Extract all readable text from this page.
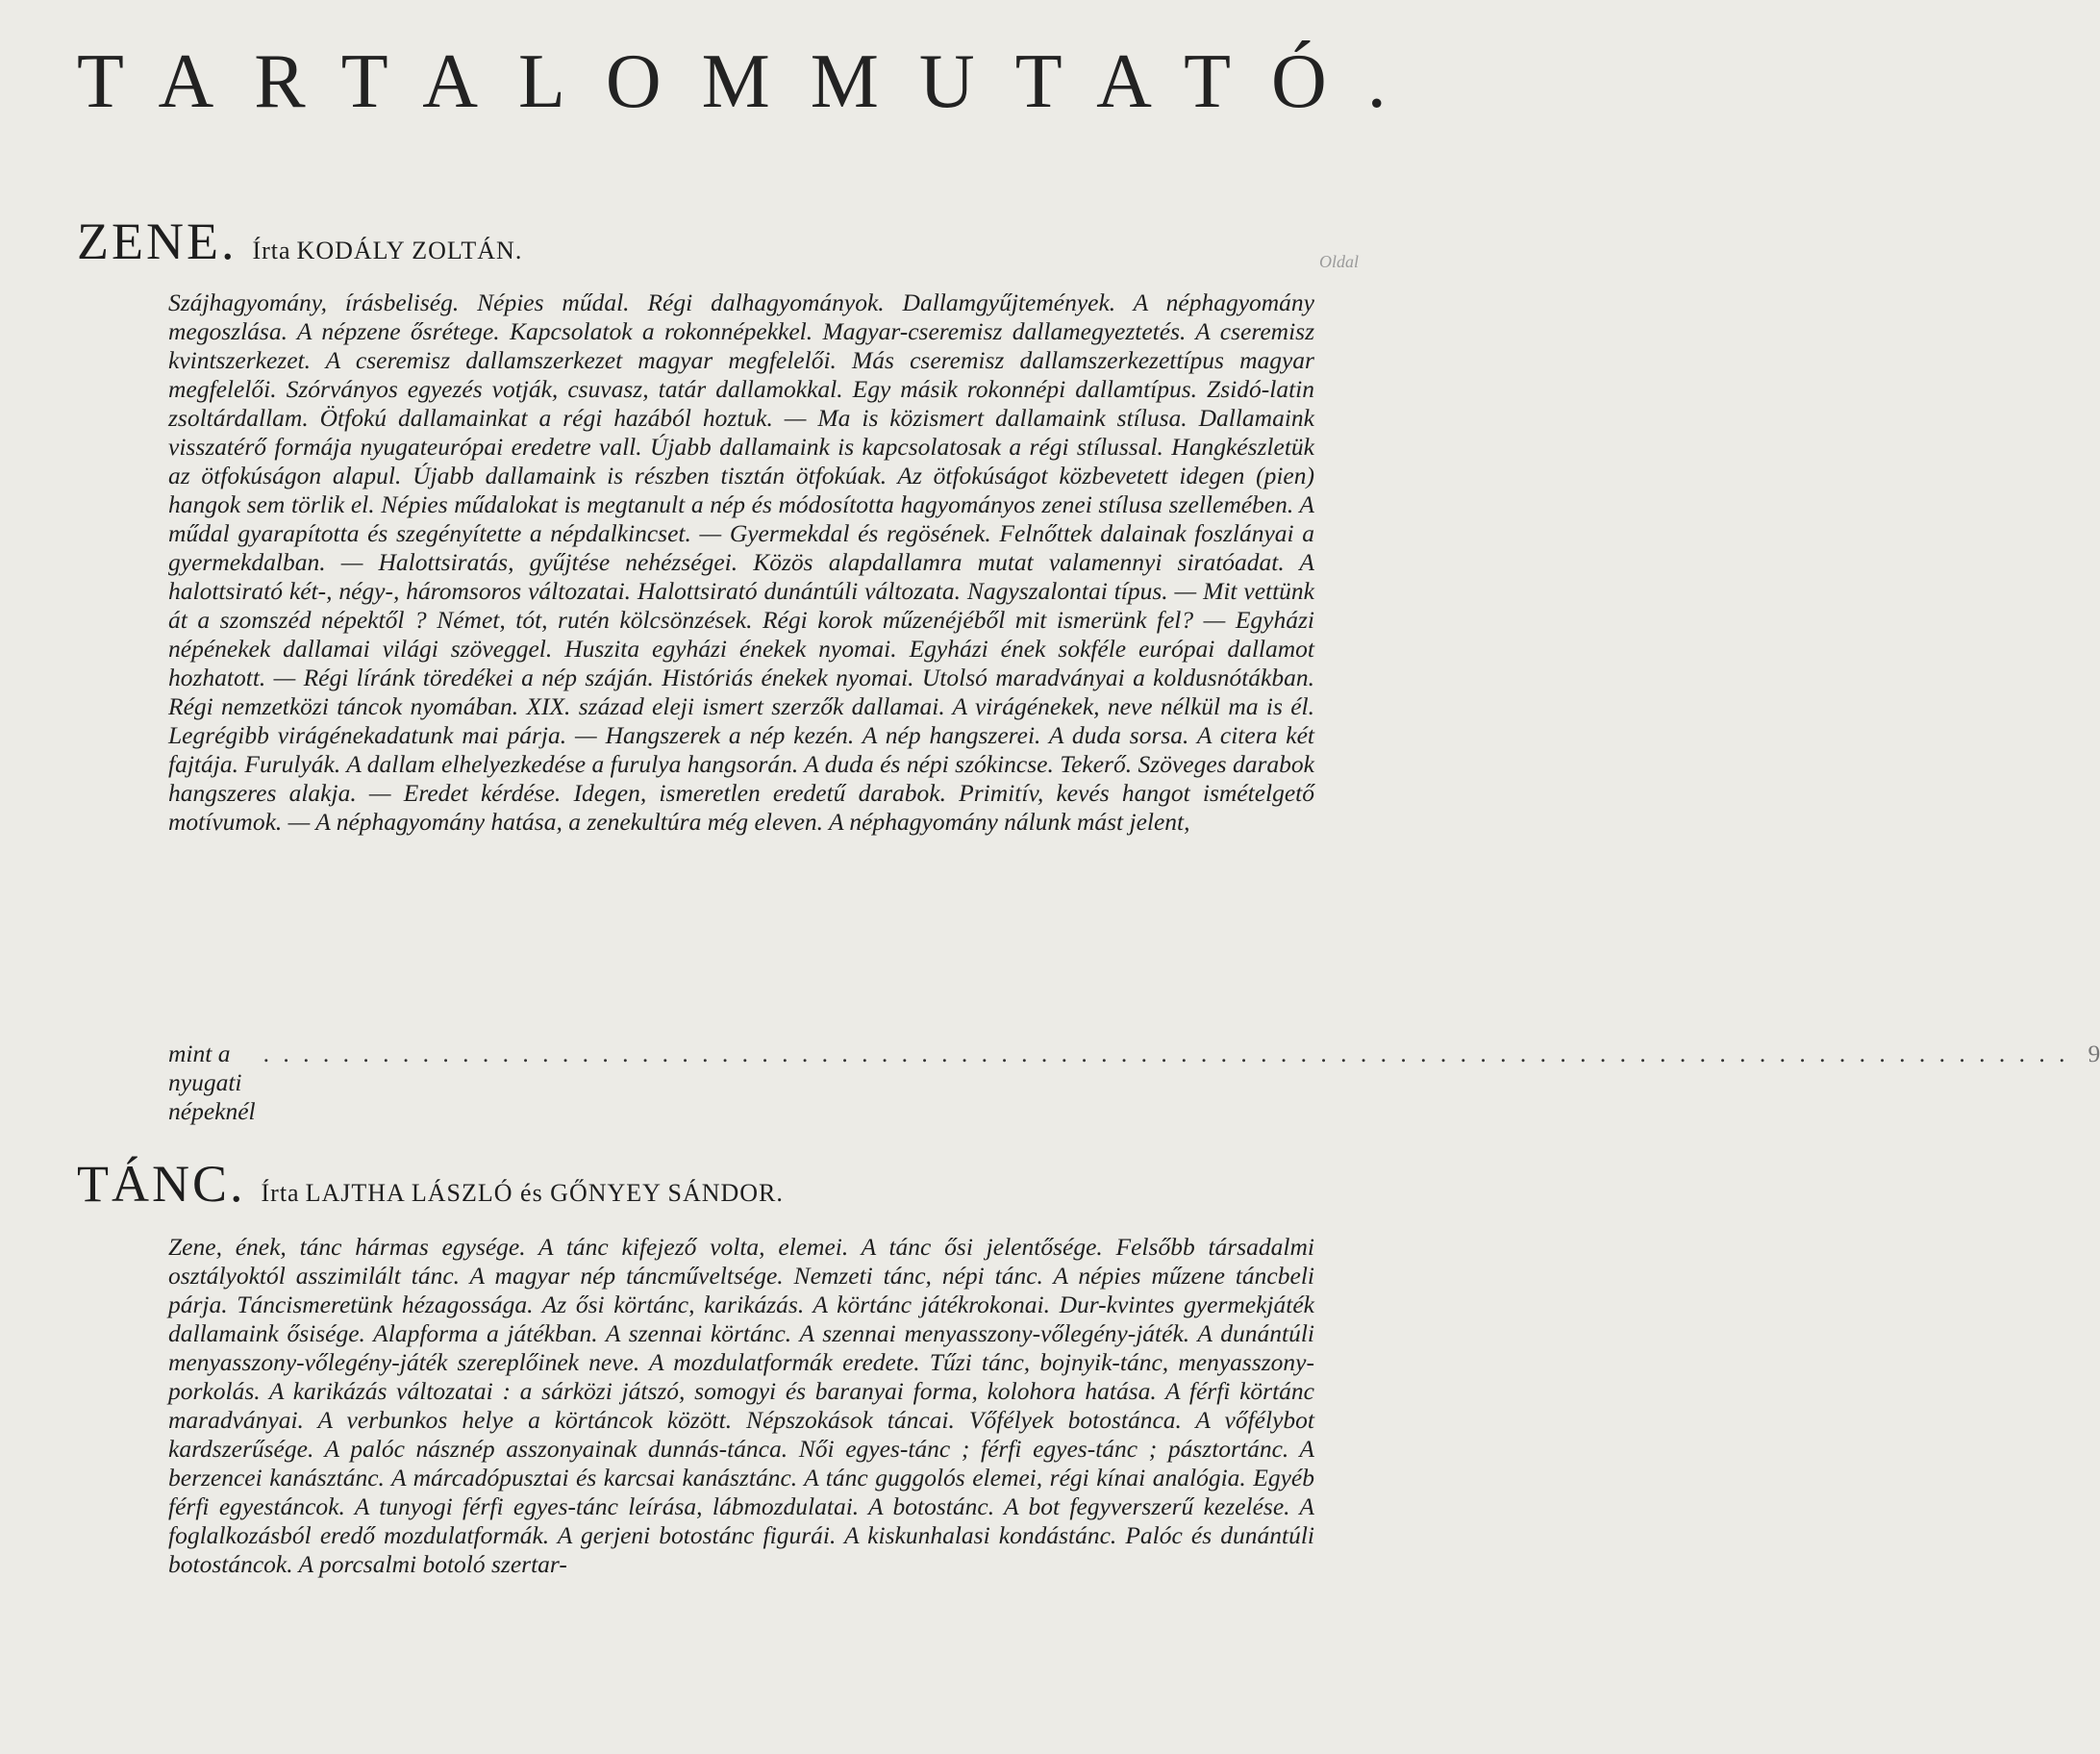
TARTALOMMUTATÓ.
ZENE. Írta KODÁLY ZOLTÁN.	Oldal

Szájhagyomány, írásbeliség. Népies műdal. Régi dalhagyományok. Dallamgyűjtemények. A néphagyomány megoszlása. A népzene ősrétege. Kapcsolatok a rokonnépekkel. Magyar-cseremisz dallamegyeztetés. A cseremisz kvintszerkezet. A cseremisz dallamszerkezet magyar megfelelői. Más cseremisz dallamszerkezettípus magyar megfelelői. Szórványos egyezés votják, csuvasz, tatár dallamokkal. Egy másik rokonnépi dallamtípus. Zsidó-latin zsoltárdallam. Ötfokú dallamainkat a régi hazából hoztuk. — Ma is közismert dallamaink stílusa. Dallamaink visszatérő formája nyugateurópai eredetre vall. Újabb dallamaink is kapcsolatosak a régi stílussal. Hangkészletük az ötfokúságon alapul. Újabb dallamaink is részben tisztán ötfokúak. Az ötfokúságot közbevetett idegen (pien) hangok sem törlik el. Népies műdalokat is megtanult a nép és módosította hagyományos zenei stílusa szellemében. A műdal gyarapította és szegényítette a népdalkincset. — Gyermekdal és regösének. Felnőttek dalainak foszlányai a gyermekdalban. — Halottsiratás, gyűjtése nehézségei. Közös alapdallamra mutat valamennyi siratóadat. A halottsirató két-, négy-, háromsoros változatai. Halottsirató dunántúli változata. Nagyszalontai típus. — Mit vettünk át a szomszéd népektől ? Német, tót, rutén kölcsönzések. Régi korok műzenéjéből mit ismerünk fel? — Egyházi népénekek dallamai világi szöveggel. Huszita egyházi énekek nyomai. Egyházi ének sokféle európai dallamot hozhatott. — Régi líránk töredékei a nép száján. Históriás énekek nyomai. Utolsó maradványai a koldusnótákban. Régi nemzetközi táncok nyomában. XIX. század eleji ismert szerzők dallamai. A virágénekek, neve nélkül ma is él. Legrégibb virágénekadatunk mai párja. — Hangszerek a nép kezén. A nép hangszerei. A duda sorsa. A citera két fajtája. Furulyák. A dallam elhelyezkedése a furulya hangsorán. A duda és népi szókincse. Tekerő. Szöveges darabok hangszeres alakja. — Eredet kérdése. Idegen, ismeretlen eredetű darabok. Primitív, kevés hangot ismételgető motívumok. — A néphagyomány hatása, a zenekultúra még eleven. A néphagyomány nálunk mást jelent,

mint a nyugati népeknél
. . . . . . . . . . . . . . . . . . . . . . . . . . . . . . . . . . . . . . . . . . . . . . . . . . . . . . . . . . . . . . . . . . . . . . . . . . . . . . . . . . . . . . . . . . . 9
TÁNC. Írta LAJTHA LÁSZLÓ és GŐNYEY SÁNDOR.

Zene, ének, tánc hármas egysége. A tánc kifejező volta, elemei. A tánc ősi jelentősége. Felsőbb társadalmi osztályoktól asszimilált tánc. A magyar nép táncműveltsége. Nemzeti tánc, népi tánc. A népies műzene táncbeli párja. Táncismeretünk hézagossága. Az ősi körtánc, karikázás. A körtánc játékrokonai. Dur-kvintes gyermekjáték dallamaink ősisége. Alapforma a játékban. A szennai körtánc. A szennai menyasszony-vőlegény-játék. A dunántúli menyasszony-vőlegény-játék szereplőinek neve. A mozdulatformák eredete. Tűzi tánc, bojnyik-tánc, menyasszony-porkolás. A karikázás változatai : a sárközi játszó, somogyi és baranyai forma, kolohora hatása. A férfi körtánc maradványai. A verbunkos helye a körtáncok között. Népszokások táncai. Vőfélyek botostánca. A vőfélybot kardszerűsége. A palóc násznép asszonyainak dunnás-tánca. Női egyes-tánc ; férfi egyes-tánc ; pásztortánc. A berzencei kanásztánc. A márcadópusztai és karcsai kanásztánc. A tánc guggolós elemei, régi kínai analógia. Egyéb férfi egyestáncok. A tunyogi férfi egyes-tánc leírása, lábmozdulatai. A botostánc. A bot fegyverszerű kezelése. A foglalkozásból eredő mozdulatformák. A gerjeni botostánc figurái. A kiskunhalasi kondástánc. Palóc és dunántúli botostáncok. A porcsalmi botoló szertar-
